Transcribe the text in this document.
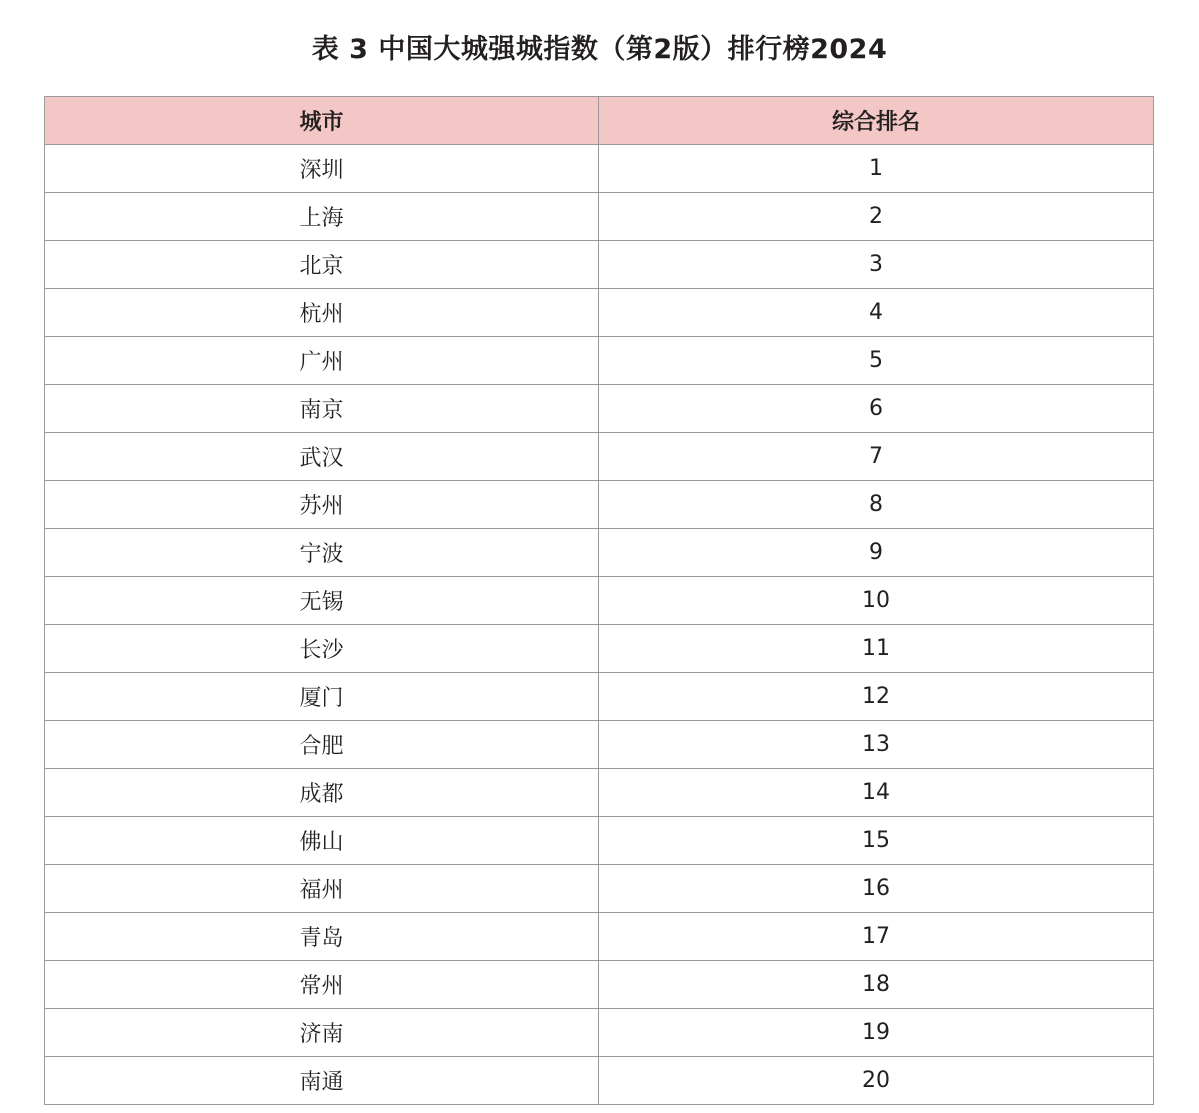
表 3 中国大城强城指数（第2版）排行榜2024
城市	综合排名
深圳	1
上海	2
北京	3
杭州	4
广州	5
南京	6
武汉	7
苏州	8
宁波	9
无锡	10
长沙	11
厦门	12
合肥	13
成都	14
佛山	15
福州	16
青岛	17
常州	18
济南	19
南通	20
